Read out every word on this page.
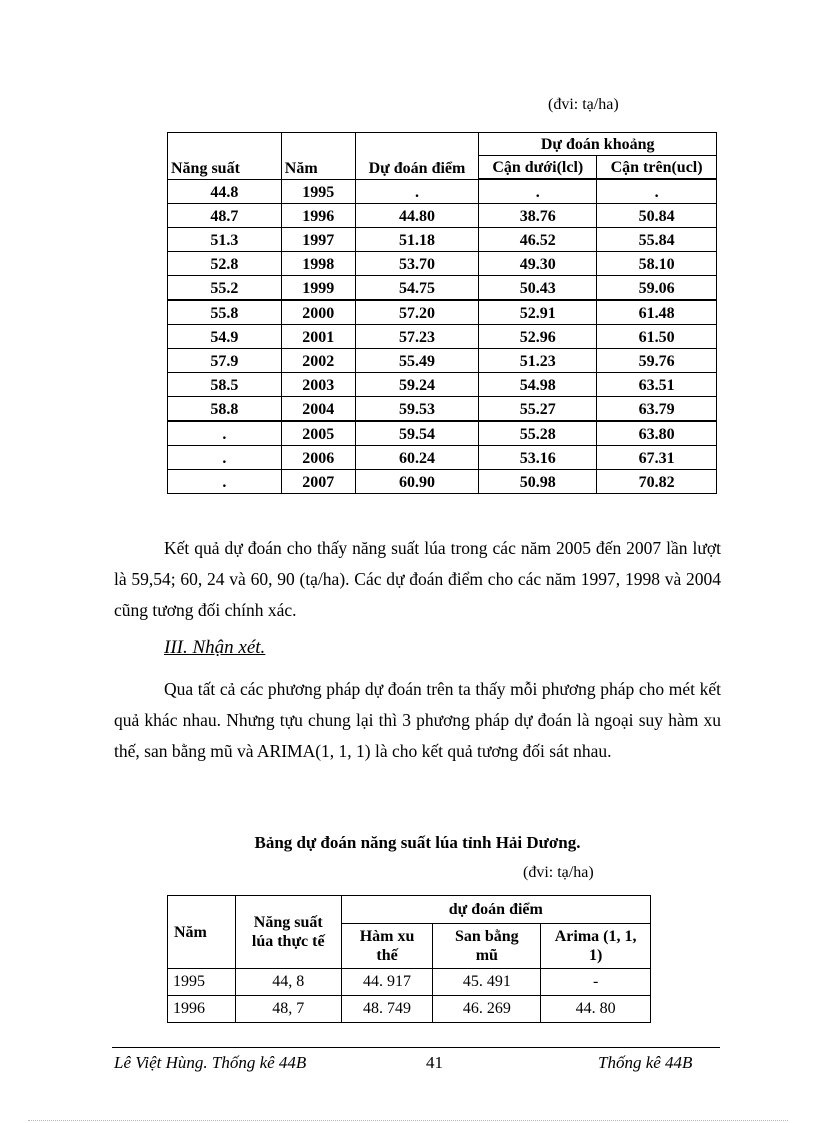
(đvi: tạ/ha)
Năng suất	Năm	Dự đoán điểm	Dự đoán khoảng	
			Cận dưới(lcl)	Cận trên(ucl)
44.8	1995	.	.	.
48.7	1996	44.80	38.76	50.84
51.3	1997	51.18	46.52	55.84
52.8	1998	53.70	49.30	58.10
55.2	1999	54.75	50.43	59.06
55.8	2000	57.20	52.91	61.48
54.9	2001	57.23	52.96	61.50
57.9	2002	55.49	51.23	59.76
58.5	2003	59.24	54.98	63.51
58.8	2004	59.53	55.27	63.79
.	2005	59.54	55.28	63.80
.	2006	60.24	53.16	67.31
.	2007	60.90	50.98	70.82
Kết quả dự đoán cho thấy năng suất lúa trong các năm 2005 đến 2007 lần lượt là 59,54; 60, 24 và 60, 90 (tạ/ha). Các dự đoán điểm cho các năm 1997, 1998 và 2004 cũng tương đối chính xác.
III. Nhận xét.
Qua tất cả các phương pháp dự đoán trên ta thấy mỗi phương pháp cho mét kết quả khác nhau. Nhưng tựu chung lại thì 3 phương pháp dự đoán là ngoại suy hàm xu thế, san bằng mũ và ARIMA(1, 1, 1) là cho kết quả tương đối sát nhau.
Bảng dự đoán năng suất lúa tỉnh Hải Dương.
(đvi: tạ/ha)
Năm	Năng suất lúa thực tế	dự đoán điểm		
		Hàm xu thế	San bằng mũ	Arima (1, 1, 1)
1995	44, 8	44. 917	45. 491	-
1996	48, 7	48. 749	46. 269	44. 80
Lê Việt Hùng. Thống kê 44B	41	Thống kê 44B
